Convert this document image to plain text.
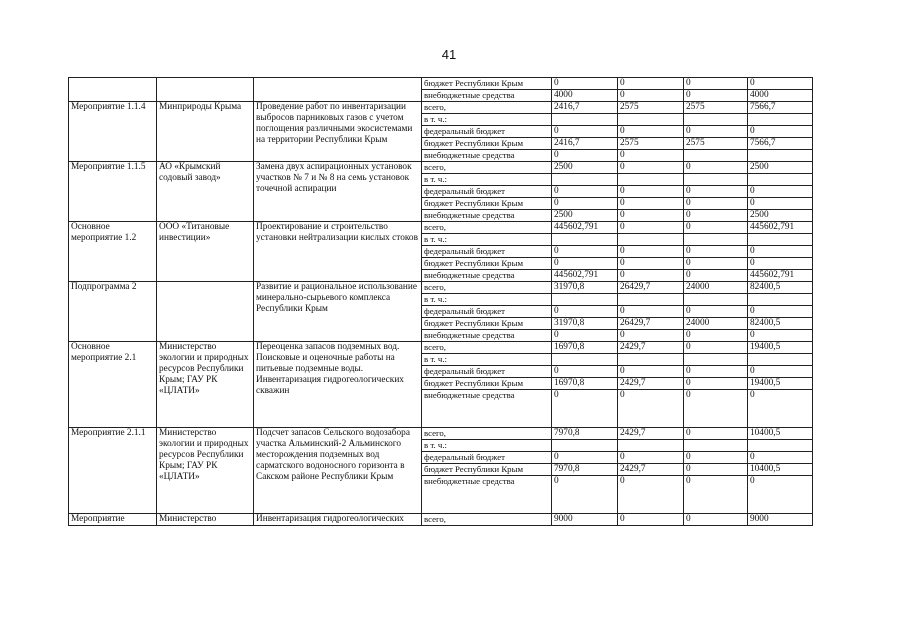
41
			бюджет Республики Крым	0	0	0	0
			внебюджетные средства	4000	0	0	4000
Мероприятие 1.1.4	Минприроды Крыма	Проведение работ по инвентаризации выбросов парниковых газов с учетом поглощения различными экосистемами на территории Республики Крым	всего,	2416,7	2575	2575	7566,7
			в т. ч.:				
			федеральный бюджет	0	0	0	0
			бюджет Республики Крым	2416,7	2575	2575	7566,7
			внебюджетные средства	0	0		
Мероприятие 1.1.5	АО «Крымский содовый завод»	Замена двух аспирационных установок участков № 7 и № 8 на семь установок точечной аспирации	всего,	2500	0	0	2500
			в т. ч.:				
			федеральный бюджет	0	0	0	0
			бюджет Республики Крым	0	0	0	0
			внебюджетные средства	2500	0	0	2500
Основное мероприятие 1.2	ООО «Титановые инвестиции»	Проектирование и строительство установки нейтрализации кислых стоков	всего,	445602,791	0	0	445602,791
			в т. ч.:				
			федеральный бюджет	0	0	0	0
			бюджет Республики Крым	0	0	0	0
			внебюджетные средства	445602,791	0	0	445602,791
Подпрограмма 2		Развитие и рациональное использование минерально-сырьевого комплекса Республики Крым	всего,	31970,8	26429,7	24000	82400,5
			в т. ч.:				
			федеральный бюджет	0	0	0	0
			бюджет Республики Крым	31970,8	26429,7	24000	82400,5
			внебюджетные средства	0	0	0	0
Основное мероприятие 2.1	Министерство экологии и природных ресурсов Республики Крым; ГАУ РК «ЦЛАТИ»	Переоценка запасов подземных вод. Поисковые и оценочные работы на питьевые подземные воды. Инвентаризация гидрогеологических скважин	всего,	16970,8	2429,7	0	19400,5
			в т. ч.:				
			федеральный бюджет	0	0	0	0
			бюджет Республики Крым	16970,8	2429,7	0	19400,5
			внебюджетные средства	0	0	0	0
Мероприятие 2.1.1	Министерство экологии и природных ресурсов Республики Крым; ГАУ РК «ЦЛАТИ»	Подсчет запасов Сельского водозабора участка Альминский-2 Альминского месторождения подземных вод сарматского водоносного горизонта в Сакском районе Республики Крым	всего,	7970,8	2429,7	0	10400,5
			в т. ч.:				
			федеральный бюджет	0	0	0	0
			бюджет Республики Крым	7970,8	2429,7	0	10400,5
			внебюджетные средства	0	0	0	0
Мероприятие	Министерство	Инвентаризация гидрогеологических	всего,	9000	0	0	9000
